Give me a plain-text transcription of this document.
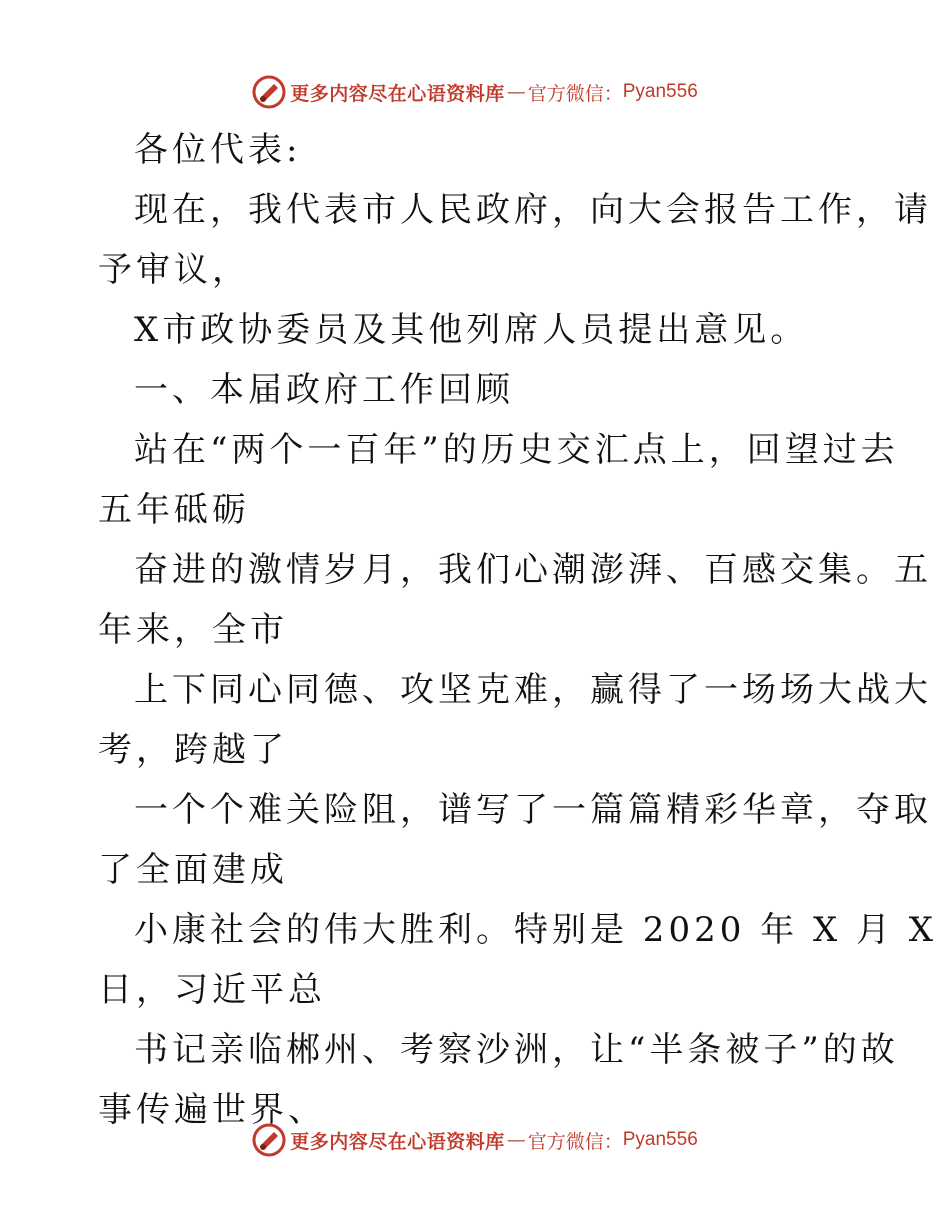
更多内容尽在心语资料库 — 官方微信： Pyan556
各位代表:
现在，我代表市人民政府，向大会报告工作，请
予审议，
X市政协委员及其他列席人员提出意见。
一、本届政府工作回顾
站在“两个一百年”的历史交汇点上，回望过去
五年砥砺
奋进的激情岁月，我们心潮澎湃、百感交集。五
年来，全市
上下同心同德、攻坚克难，赢得了一场场大战大
考，跨越了
一个个难关险阻，谱写了一篇篇精彩华章，夺取
了全面建成
小康社会的伟大胜利。特别是 2020 年 X 月 X
日，习近平总
书记亲临郴州、考察沙洲，让“半条被子”的故
事传遍世界、
更多内容尽在心语资料库 — 官方微信： Pyan556
